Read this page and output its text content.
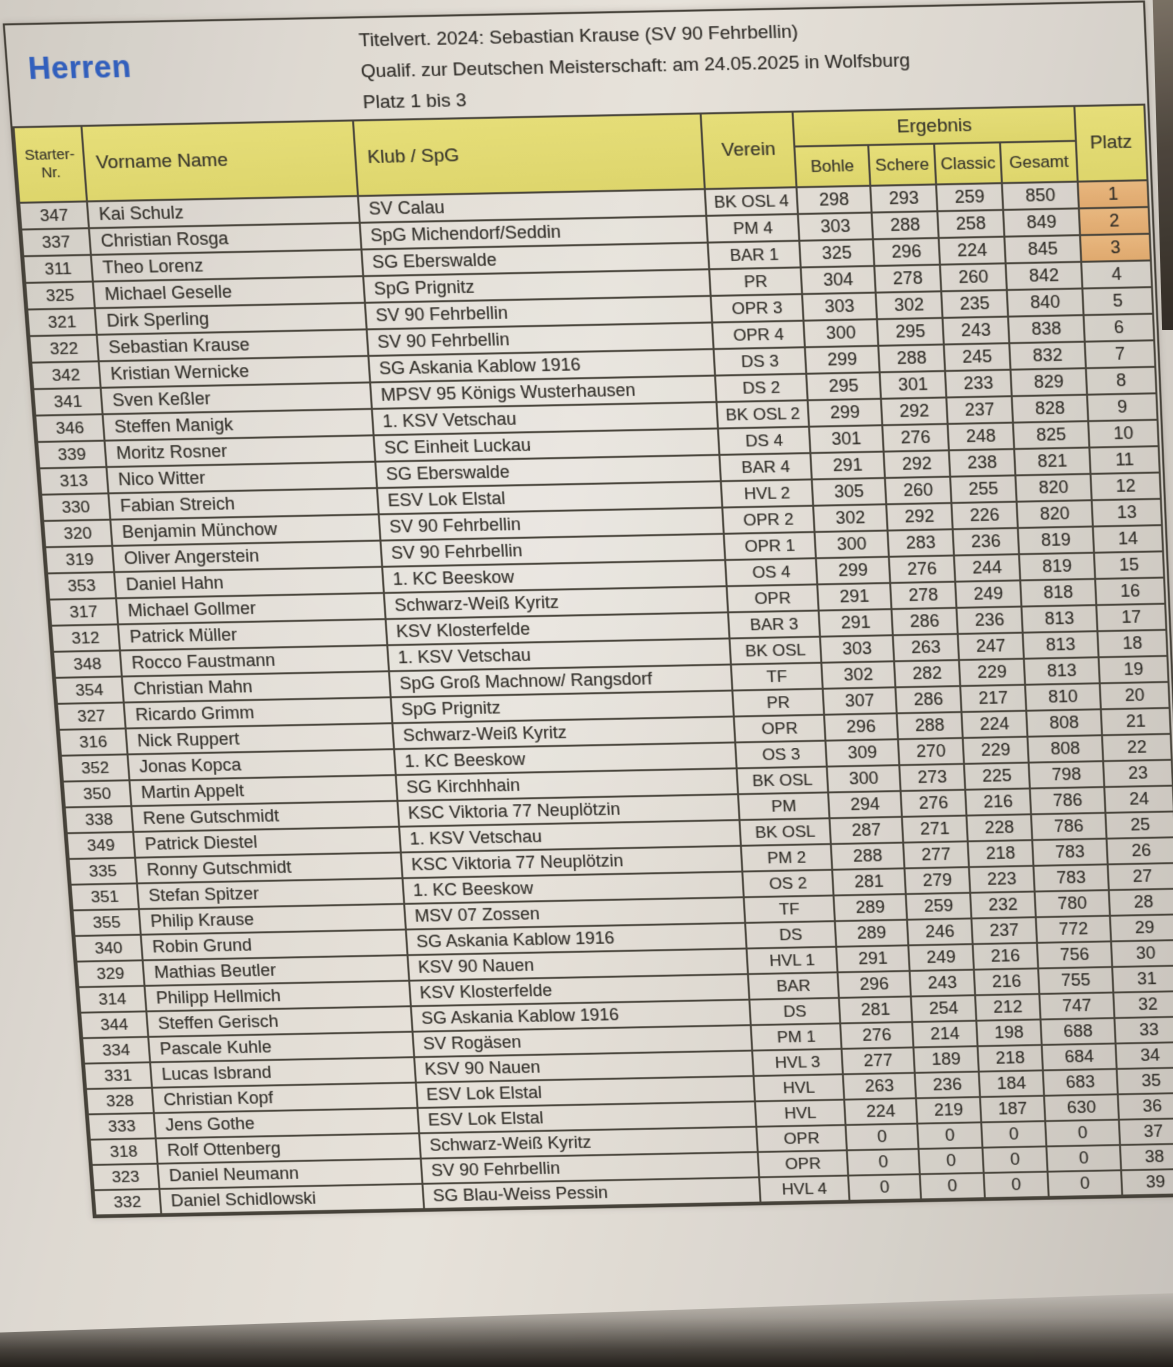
Herren
Titelvert. 2024: Sebastian Krause (SV 90 Fehrbellin)
Qualif. zur Deutschen Meisterschaft: am 24.05.2025 in Wolfsburg
Platz 1 bis 3
Starter-
Nr.	Vorname Name	Klub / SpG	Verein	Ergebnis				Platz
				Bohle	Schere	Classic	Gesamt	
347	Kai Schulz	SV Calau	BK OSL 4	298	293	259	850	1
337	Christian Rosga	SpG Michendorf/Seddin	PM 4	303	288	258	849	2
311	Theo Lorenz	SG Eberswalde	BAR 1	325	296	224	845	3
325	Michael Geselle	SpG Prignitz	PR	304	278	260	842	4
321	Dirk Sperling	SV 90 Fehrbellin	OPR 3	303	302	235	840	5
322	Sebastian Krause	SV 90 Fehrbellin	OPR 4	300	295	243	838	6
342	Kristian Wernicke	SG Askania Kablow 1916	DS 3	299	288	245	832	7
341	Sven Keßler	MPSV 95 Königs Wusterhausen	DS 2	295	301	233	829	8
346	Steffen Manigk	1. KSV Vetschau	BK OSL 2	299	292	237	828	9
339	Moritz Rosner	SC Einheit Luckau	DS 4	301	276	248	825	10
313	Nico Witter	SG Eberswalde	BAR 4	291	292	238	821	11
330	Fabian Streich	ESV Lok Elstal	HVL 2	305	260	255	820	12
320	Benjamin Münchow	SV 90 Fehrbellin	OPR 2	302	292	226	820	13
319	Oliver Angerstein	SV 90 Fehrbellin	OPR 1	300	283	236	819	14
353	Daniel Hahn	1. KC Beeskow	OS 4	299	276	244	819	15
317	Michael Gollmer	Schwarz-Weiß Kyritz	OPR	291	278	249	818	16
312	Patrick Müller	KSV Klosterfelde	BAR 3	291	286	236	813	17
348	Rocco Faustmann	1. KSV Vetschau	BK OSL	303	263	247	813	18
354	Christian Mahn	SpG Groß Machnow/ Rangsdorf	TF	302	282	229	813	19
327	Ricardo Grimm	SpG Prignitz	PR	307	286	217	810	20
316	Nick Ruppert	Schwarz-Weiß Kyritz	OPR	296	288	224	808	21
352	Jonas Kopca	1. KC Beeskow	OS 3	309	270	229	808	22
350	Martin Appelt	SG Kirchhhain	BK OSL	300	273	225	798	23
338	Rene Gutschmidt	KSC Viktoria 77 Neuplötzin	PM	294	276	216	786	24
349	Patrick Diestel	1. KSV Vetschau	BK OSL	287	271	228	786	25
335	Ronny Gutschmidt	KSC Viktoria 77 Neuplötzin	PM 2	288	277	218	783	26
351	Stefan Spitzer	1. KC Beeskow	OS 2	281	279	223	783	27
355	Philip Krause	MSV 07 Zossen	TF	289	259	232	780	28
340	Robin Grund	SG Askania Kablow 1916	DS	289	246	237	772	29
329	Mathias Beutler	KSV 90 Nauen	HVL 1	291	249	216	756	30
314	Philipp Hellmich	KSV Klosterfelde	BAR	296	243	216	755	31
344	Steffen Gerisch	SG Askania Kablow 1916	DS	281	254	212	747	32
334	Pascale Kuhle	SV Rogäsen	PM 1	276	214	198	688	33
331	Lucas Isbrand	KSV 90 Nauen	HVL 3	277	189	218	684	34
328	Christian Kopf	ESV Lok Elstal	HVL	263	236	184	683	35
333	Jens Gothe	ESV Lok Elstal	HVL	224	219	187	630	36
318	Rolf Ottenberg	Schwarz-Weiß Kyritz	OPR	0	0	0	0	37
323	Daniel Neumann	SV 90 Fehrbellin	OPR	0	0	0	0	38
332	Daniel Schidlowski	SG Blau-Weiss Pessin	HVL 4	0	0	0	0	39
